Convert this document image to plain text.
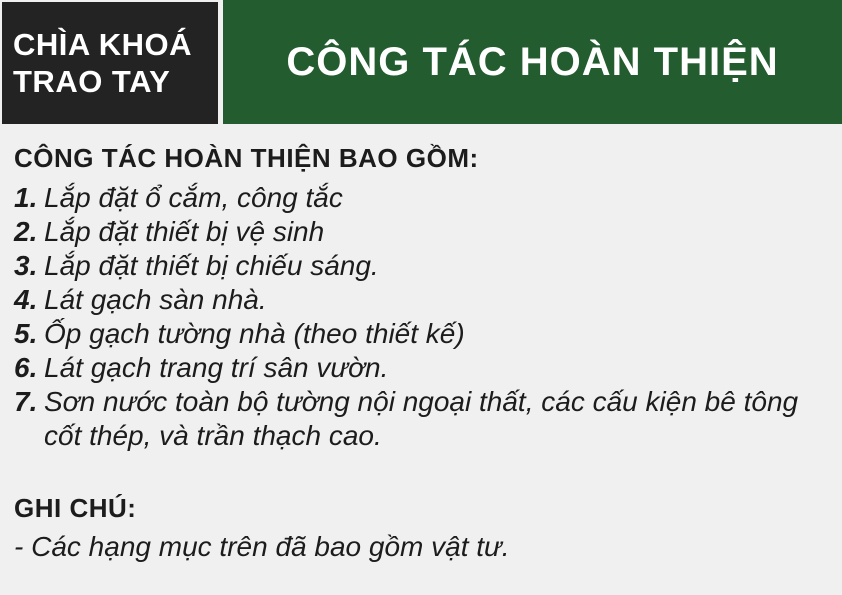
CHÌA KHOÁ
TRAO TAY	CÔNG TÁC HOÀN THIỆN
CÔNG TÁC HOÀN THIỆN BAO GỒM:
1. Lắp đặt ổ cắm, công tắc
2. Lắp đặt thiết bị vệ sinh
3. Lắp đặt thiết bị chiếu sáng.
4. Lát gạch sàn nhà.
5. Ốp gạch tường nhà (theo thiết kế)
6. Lát gạch trang trí sân vườn.
7. Sơn nước toàn bộ tường nội ngoại thất, các cấu kiện bê tông cốt thép, và trần thạch cao.
GHI CHÚ:
- Các hạng mục trên đã bao gồm vật tư.
